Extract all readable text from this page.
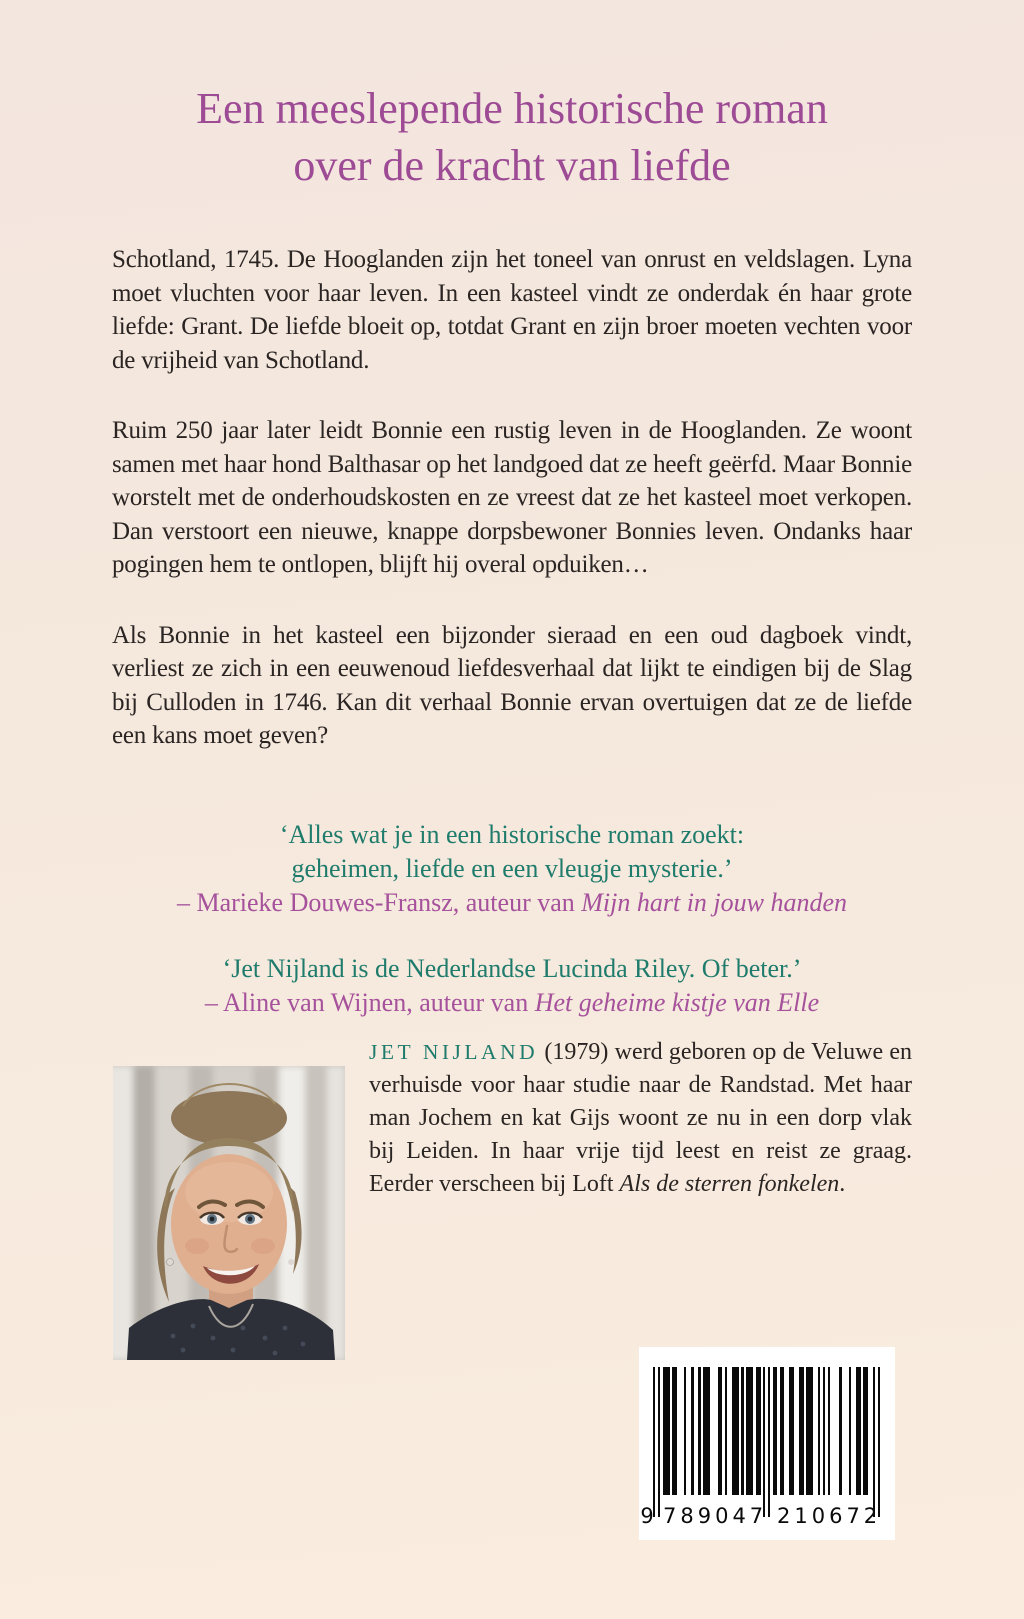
Een meeslepende historische roman
over de kracht van liefde

Schotland, 1745. De Hooglanden zijn het toneel van onrust en veldslagen. Lyna moet vluchten voor haar leven. In een kasteel vindt ze onderdak én haar grote liefde: Grant. De liefde bloeit op, totdat Grant en zijn broer moeten vechten voor de vrijheid van Schotland.

Ruim 250 jaar later leidt Bonnie een rustig leven in de Hooglanden. Ze woont samen met haar hond Balthasar op het landgoed dat ze heeft geërfd. Maar Bonnie worstelt met de onderhoudskosten en ze vreest dat ze het kasteel moet verkopen. Dan verstoort een nieuwe, knappe dorpsbewoner Bonnies leven. Ondanks haar pogingen hem te ontlopen, blijft hij overal opduiken…

Als Bonnie in het kasteel een bijzonder sieraad en een oud dagboek vindt, verliest ze zich in een eeuwenoud liefdesverhaal dat lijkt te eindigen bij de Slag bij Culloden in 1746. Kan dit verhaal Bonnie ervan overtuigen dat ze de liefde een kans moet geven?

‘Alles wat je in een historische roman zoekt:
geheimen, liefde en een vleugje mysterie.’

– Marieke Douwes-Fransz, auteur van Mijn hart in jouw handen

‘Jet Nijland is de Nederlandse Lucinda Riley. Of beter.’

– Aline van Wijnen, auteur van Het geheime kistje van Elle

JET NIJLAND (1979) werd geboren op de Veluwe en verhuisde voor haar studie naar de Randstad. Met haar man Jochem en kat Gijs woont ze nu in een dorp vlak bij Leiden. In haar vrije tijd leest en reist ze graag. Eerder verscheen bij Loft Als de sterren fonkelen.

9 789047 210672
